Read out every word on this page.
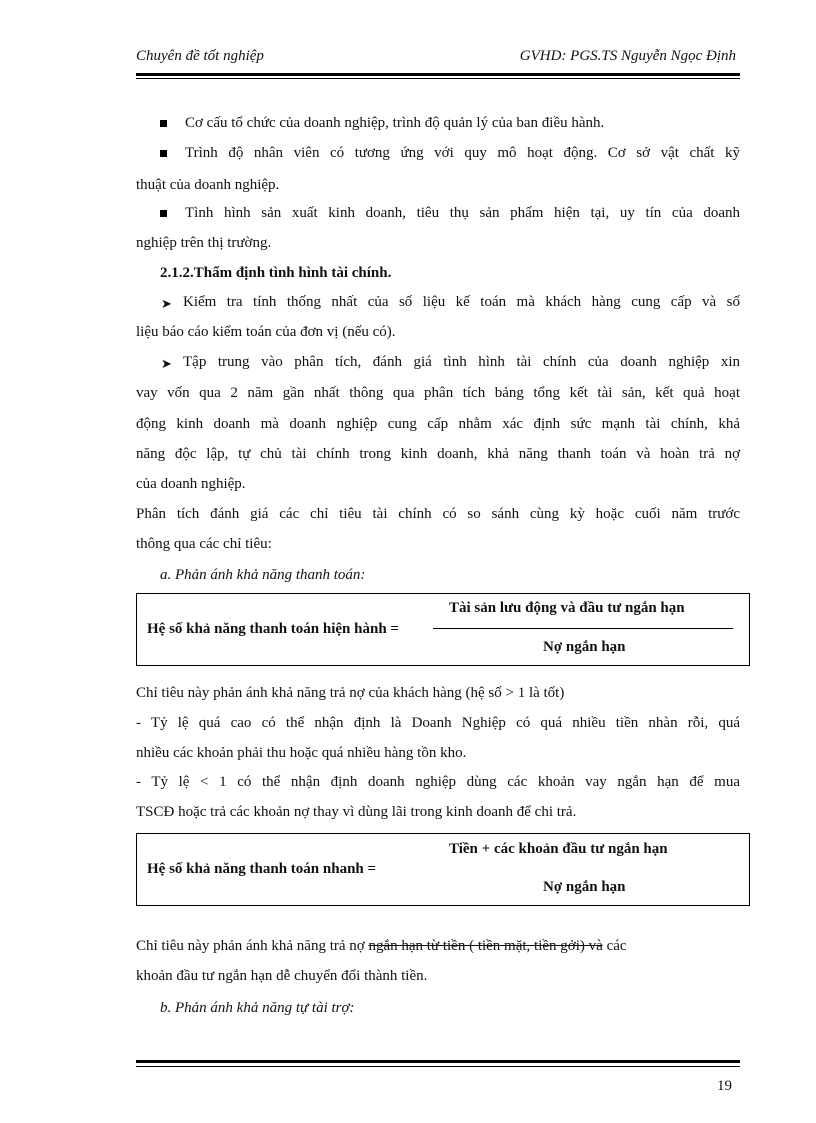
Chuyên đề tốt nghiệp	GVHD: PGS.TS Nguyễn Ngọc Định
Cơ cấu tổ chức của doanh nghiệp, trình độ quản lý của ban điều hành.
Trình độ nhân viên có tương ứng với quy mô hoạt động. Cơ sở vật chất kỹ
thuật của doanh nghiệp.
Tình hình sản xuất kinh doanh, tiêu thụ sản phẩm hiện tại, uy tín của doanh
nghiệp trên thị trường.
2.1.2.Thẩm định tình hình tài chính.
➤ Kiểm tra tính thống nhất của số liệu kế toán mà khách hàng cung cấp và số
liệu báo cáo kiểm toán của đơn vị (nếu có).
➤ Tập trung vào phân tích, đánh giá tình hình tài chính của doanh nghiệp xin
vay vốn qua 2 năm gần nhất thông qua phân tích bảng tổng kết tài sản, kết quả hoạt
động kinh doanh mà doanh nghiệp cung cấp nhằm xác định sức mạnh tài chính, khả
năng độc lập, tự chủ tài chính trong kinh doanh, khả năng thanh toán và hoàn trả nợ
của doanh nghiệp.
Phân tích đánh giá các chỉ tiêu tài chính có so sánh cùng kỳ hoặc cuối năm trước
thông qua các chỉ tiêu:
a. Phản ánh khả năng thanh toán:
Hệ số khả năng thanh toán hiện hành =
Tài sản lưu động và đầu tư ngắn hạn
Nợ ngắn hạn
Chỉ tiêu này phản ánh khả năng trả nợ của khách hàng (hệ số > 1 là tốt)
- Tỷ lệ quá cao có thể nhận định là Doanh Nghiệp có quá nhiều tiền nhàn rỗi, quá
nhiều các khoản phải thu hoặc quá nhiều hàng tồn kho.
- Tỷ lệ < 1 có thể nhận định doanh nghiệp dùng các khoản vay ngắn hạn để mua
TSCĐ hoặc trả các khoản nợ thay vì dùng lãi trong kinh doanh để chi trả.
Hệ số khả năng thanh toán nhanh =
Tiền + các khoản đầu tư ngắn hạn
Nợ ngắn hạn
Chỉ tiêu này phản ánh khả năng trả nợ ngắn hạn từ tiền ( tiền mặt, tiền gởi) và các
khoản đầu tư ngắn hạn dễ chuyển đổi thành tiền.
b. Phản ánh khả năng tự tài trợ:
19
